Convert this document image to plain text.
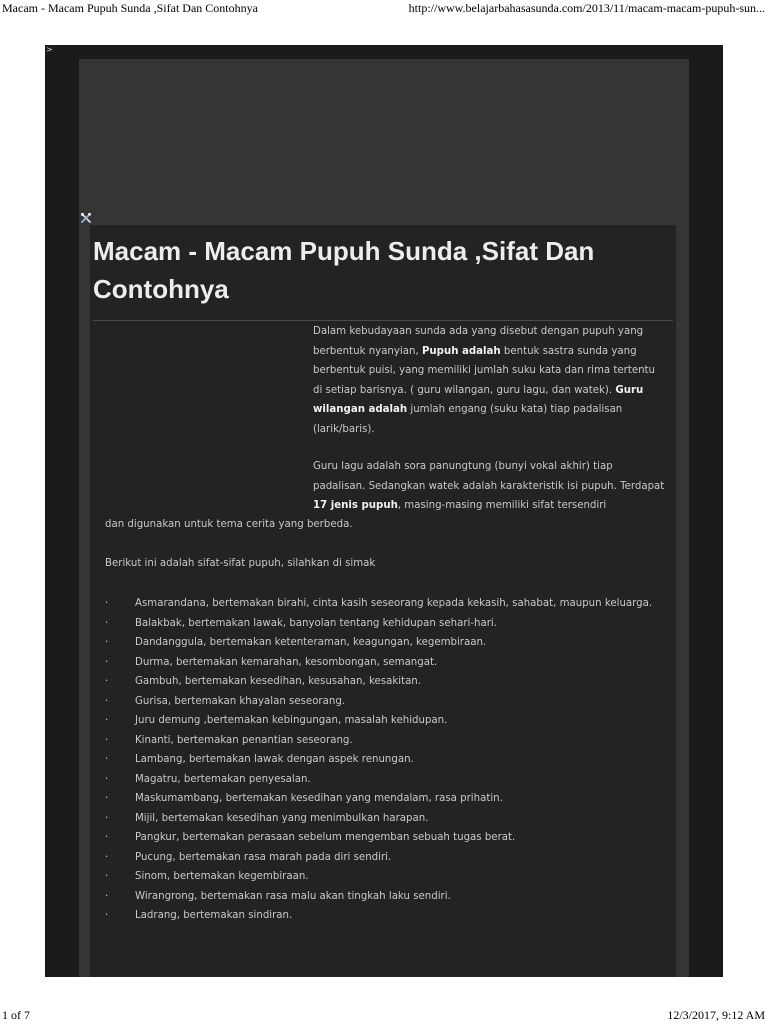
Macam - Macam Pupuh Sunda ,Sifat Dan Contohnya	http://www.belajarbahasasunda.com/2013/11/macam-macam-pupuh-sun...
>
Macam - Macam Pupuh Sunda ,Sifat Dan Contohnya

Dalam kebudayaan sunda ada yang disebut dengan pupuh yang berbentuk nyanyian, Pupuh adalah bentuk sastra sunda yang berbentuk puisi, yang memiliki jumlah suku kata dan rima tertentu di setiap barisnya. ( guru wilangan, guru lagu, dan watek). Guru wilangan adalah jumlah engang (suku kata) tiap padalisan (larik/baris).

Guru lagu adalah sora panungtung (bunyi vokal akhir) tiap padalisan. Sedangkan watek adalah karakteristik isi pupuh. Terdapat 17 jenis pupuh, masing-masing memiliki sifat tersendiri

dan digunakan untuk tema cerita yang berbeda.

Berikut ini adalah sifat-sifat pupuh, silahkan di simak

·	Asmarandana, bertemakan birahi, cinta kasih seseorang kepada kekasih, sahabat, maupun keluarga.
·	Balakbak, bertemakan lawak, banyolan tentang kehidupan sehari-hari.
·	Dandanggula, bertemakan ketenteraman, keagungan, kegembiraan.
·	Durma, bertemakan kemarahan, kesombongan, semangat.
·	Gambuh, bertemakan kesedihan, kesusahan, kesakitan.
·	Gurisa, bertemakan khayalan seseorang.
·	Juru demung ,bertemakan kebingungan, masalah kehidupan.
·	Kinanti, bertemakan penantian seseorang.
·	Lambang, bertemakan lawak dengan aspek renungan.
·	Magatru, bertemakan penyesalan.
·	Maskumambang, bertemakan kesedihan yang mendalam, rasa prihatin.
·	Mijil, bertemakan kesedihan yang menimbulkan harapan.
·	Pangkur, bertemakan perasaan sebelum mengemban sebuah tugas berat.
·	Pucung, bertemakan rasa marah pada diri sendiri.
·	Sinom, bertemakan kegembiraan.
·	Wirangrong, bertemakan rasa malu akan tingkah laku sendiri.
·	Ladrang, bertemakan sindiran.
1 of 7	12/3/2017, 9:12 AM
